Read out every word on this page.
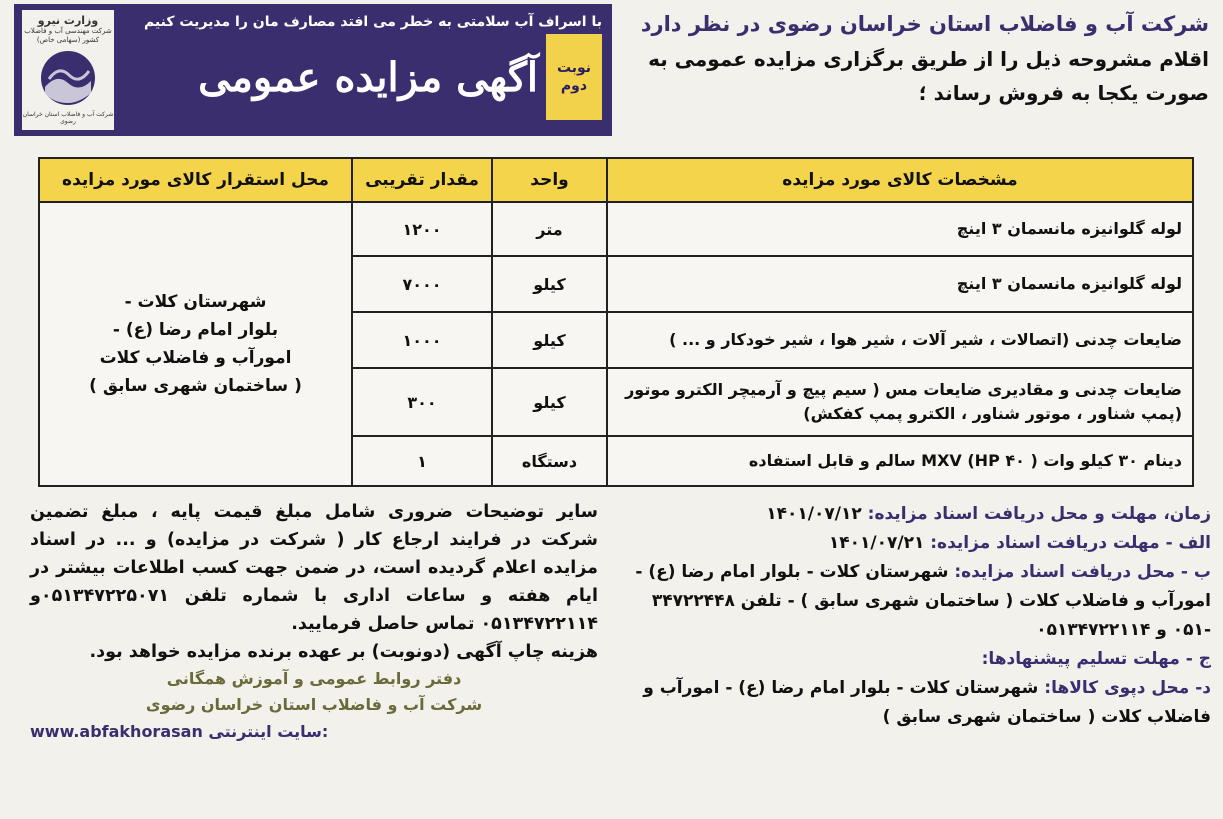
وزارت نیرو
شرکت مهندسی آب و فاضلاب کشور (سهامی خاص)
شرکت آب و فاضلاب استان خراسان رضوی
با اسراف آب سلامتی به خطر می افتد مصارف مان را مدیریت کنیم
آگهی مزایده عمومی	نوبت دوم
شرکت آب و فاضلاب استان خراسان رضوی در نظر دارد
اقلام مشروحه ذیل را از طریق برگزاری مزایده عمومی به صورت یکجا به فروش رساند ؛
مشخصات کالای مورد مزایده	واحد	مقدار تقریبی	محل استقرار کالای مورد مزایده
لوله گلوانیزه مانسمان ۳ اینچ	متر	۱۲۰۰	شهرستان کلات -
بلوار امام رضا (ع) -
امورآب و فاضلاب کلات
( ساختمان شهری سابق )

لوله گلوانیزه مانسمان ۳ اینچ	کیلو	۷۰۰۰	
ضایعات چدنی (اتصالات ، شیر آلات ، شیر هوا ، شیر خودکار و ... )	کیلو	۱۰۰۰	
ضایعات چدنی و مقادیری ضایعات مس ( سیم پیچ و آرمیچر الکترو موتور (پمپ شناور ، موتور شناور ، الکترو پمپ کفکش)	کیلو	۳۰۰	
دینام ۳۰ کیلو وات MXV (HP ۴۰ ) سالم و قابل استفاده	دستگاه	۱	
سایر توضیحات ضروری شامل مبلغ قیمت پایه ، مبلغ تضمین شرکت در فرایند ارجاع کار ( شرکت در مزایده) و ... در اسناد مزایده اعلام گردیده است، در ضمن جهت کسب اطلاعات بیشتر در ایام هفته و ساعات اداری با شماره تلفن ۰۵۱۳۴۷۲۲۵۰۷۱و ۰۵۱۳۴۷۲۲۱۱۴ تماس حاصل فرمایید.
هزینه چاپ آگهی (دونوبت) بر عهده برنده مزایده خواهد بود.
دفتر روابط عمومی و آموزش همگانی
شرکت آب و فاضلاب استان خراسان رضوی
www.abfakhorasan سایت اینترنتی:
زمان، مهلت و محل دریافت اسناد مزایده: ۱۴۰۱/۰۷/۱۲
الف - مهلت دریافت اسناد مزایده: ۱۴۰۱/۰۷/۲۱
ب - محل دریافت اسناد مزایده: شهرستان کلات - بلوار امام رضا (ع) - امورآب و فاضلاب کلات ( ساختمان شهری سابق ) - تلفن ۳۴۷۲۲۴۴۸ -۰۵۱ و ۰۵۱۳۴۷۲۲۱۱۴
ج - مهلت تسلیم پیشنهادها:
د- محل دپوی کالاها: شهرستان کلات - بلوار امام رضا (ع) - امورآب و فاضلاب کلات ( ساختمان شهری سابق )
